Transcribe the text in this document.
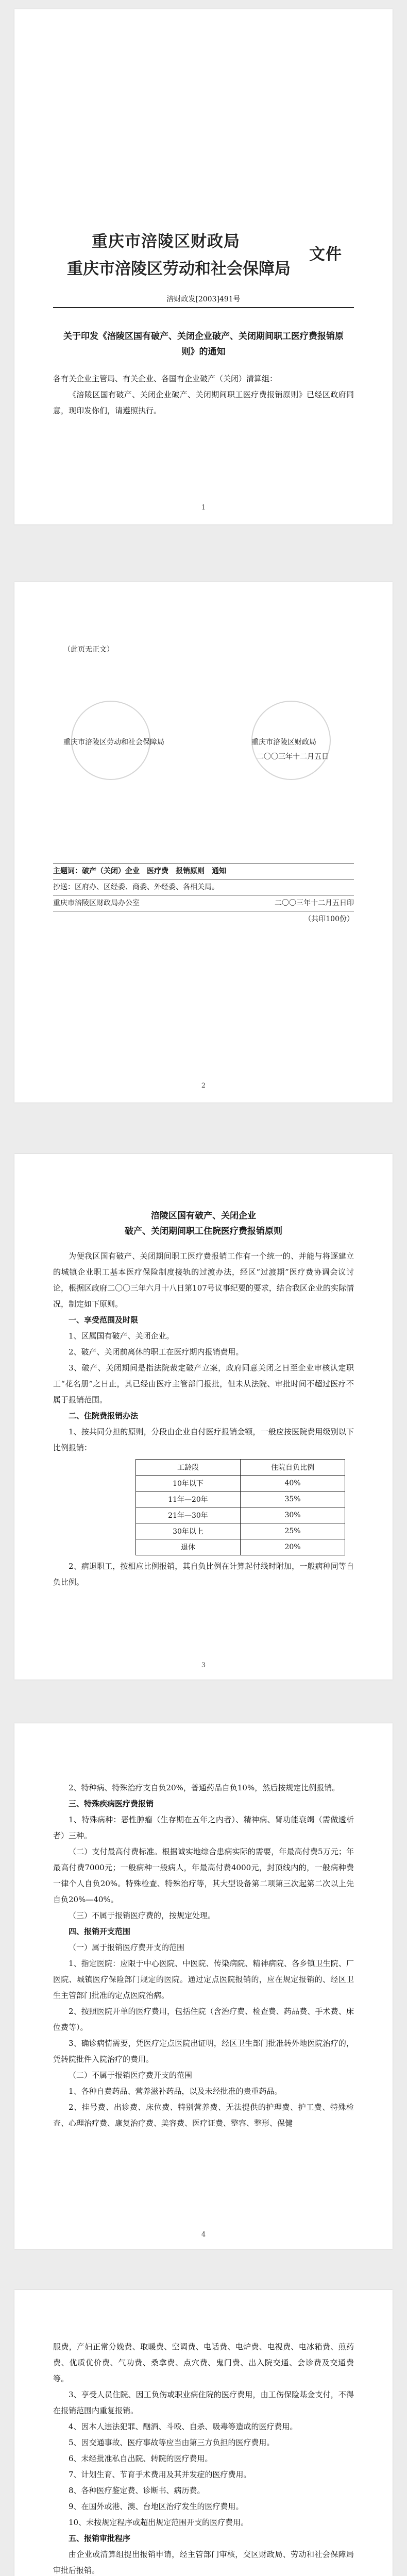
重庆市涪陵区财政局
文件
重庆市涪陵区劳动和社会保障局
涪财政发[2003]491号
关于印发《涪陵区国有破产、关闭企业破产、关闭期间职工医疗费报销原则》的通知

各有关企业主管局、有关企业、各国有企业破产（关闭）清算组：

《涪陵区国有破产、关闭企业破产、关闭期间职工医疗费报销原则》已经区政府同意，现印发你们，请遵照执行。

1

（此页无正文）

重庆市涪陵区劳动和社会保障局	重庆市涪陵区财政局

二〇〇三年十二月五日

主题词：破产（关闭）企业　医疗费　报销原则　通知

抄送：区府办、区经委、商委、外经委、各相关局。

重庆市涪陵区财政局办公室	二〇〇三年十二月五日印

（共印100份）

2
涪陵区国有破产、关闭企业
破产、关闭期间职工住院医疗费报销原则

为便我区国有破产、关闭期间职工医疗费报销工作有一个统一的、并能与将逐建立的城镇企业职工基本医疗保险制度接轨的过渡办法，经区“过渡期”医疗费协调会议讨论，根据区政府二〇〇三年六月十八日第107号议事纪要的要求，结合我区企业的实际情况，制定如下原则。

一、享受范围及时限

1、区属国有破产、关闭企业。

2、破产、关闭前离休的职工在医疗期内报销费用。

3、破产、关闭期间是指法院裁定破产立案，政府同意关闭之日至企业审核认定职工“花名册”之日止，其已经由医疗主管部门报批，但未从法院、审批时间不超过医疗不属于报销范围。

二、住院费报销办法

1、按共同分担的原则，分段由企业自付医疗报销金额，一般应按医院费用级别以下比例报销：

工龄段	住院自负比例
10年以下	40%
11年—20年	35%
21年—30年	30%
30年以上	25%
退休	20%

2、病退职工，按相应比例报销，其自负比例在计算起付线时附加，一般病种同等自负比例。

3

2、特种病、特殊治疗支自负20%，普通药品自负10%，然后按规定比例报销。

三、特殊疾病医疗费报销

1、特殊病种：恶性肿瘤（生存期在五年之内者）、精神病、肾功能衰竭（需做透析者）三种。

（二）支付最高付费标准。根据诚实地综合患病实际的需要，年最高付费5万元；年最高付费7000元；一般病种一般病人，年最高付费4000元，封顶线内的，一般病种费一律个人自负20%。特殊检查、特殊治疗等，其大型设备第二项第三次起第二次以上先自负20%—40%。

（三）不属于报销医疗费的，按规定处理。

四、报销开支范围

（一）属于报销医疗费开支的范围

1、指定医院：应限于中心医院、中医院、传染病院、精神病院、各乡镇卫生院、厂医院、城镇医疗保险部门规定的医院。通过定点医院报销的，应在规定报销的、经区卫生主管部门批准的定点医院治病。

2、按照医院开单的医疗费用，包括住院（含治疗费、检查费、药品费、手术费、床位费等）。

3、确诊病情需要，凭医疗定点医院出证明，经区卫生部门批准转外地医院治疗的，凭转院批件入院治疗的费用。

（二）不属于报销医疗费开支的范围

1、各种自费药品、营养滋补药品，以及未经批准的贵重药品。

2、挂号费、出诊费、床位费、特别营养费、无法提供的护理费、护工费、特殊检查、心理治疗费、康复治疗费、美容费、医疗证费、整容、整形、保健

4

服费，产妇正常分娩费、取暖费、空调费、电话费、电炉费、电视费、电冰箱费、煎药费、优质优价费、气功费、桑拿费、点穴费、鬼门费、出入院交通、会诊费及交通费等。

3、享受人员住院、因工负伤或职业病住院的医疗费用，由工伤保险基金支付，不得在报销范围内重复报销。

4、因本人违法犯罪、酗酒、斗殴、自杀、吸毒等造成的医疗费用。

5、因交通事故、医疗事故等应当由第三方负担的医疗费用。

6、未经批准私自出院、转院的医疗费用。

7、计划生育、节育手术费用及其并发症的医疗费用。

8、各种医疗鉴定费、诊断书、病历费。

9、在国外或港、澳、台地区治疗发生的医疗费用。

10、未按规定程序或超出规定范围开支的医疗费用。

五、报销审批程序

由企业或清算组提出报销申请，经主管部门审核，交区财政局、劳动和社会保障局审批后报销。
